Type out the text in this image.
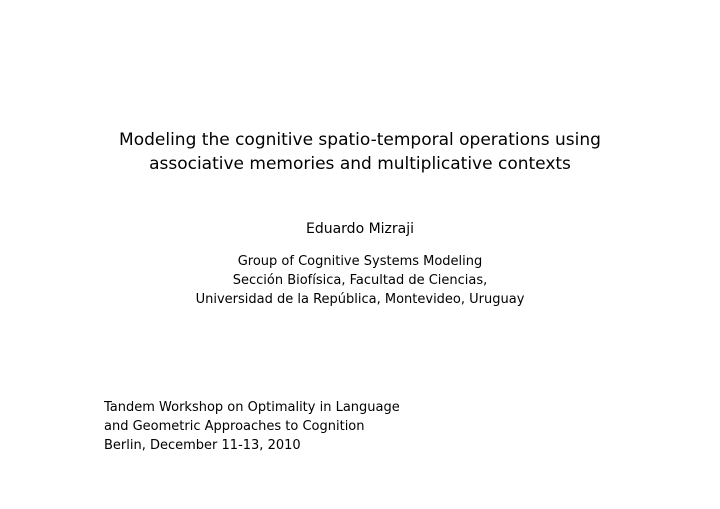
Modeling the cognitive spatio-temporal operations using
associative memories and multiplicative contexts
Eduardo Mizraji
Group of Cognitive Systems Modeling
Sección Biofísica, Facultad de Ciencias,
Universidad de la República, Montevideo, Uruguay
Tandem Workshop on Optimality in Language
and Geometric Approaches to Cognition
Berlin, December 11-13, 2010
